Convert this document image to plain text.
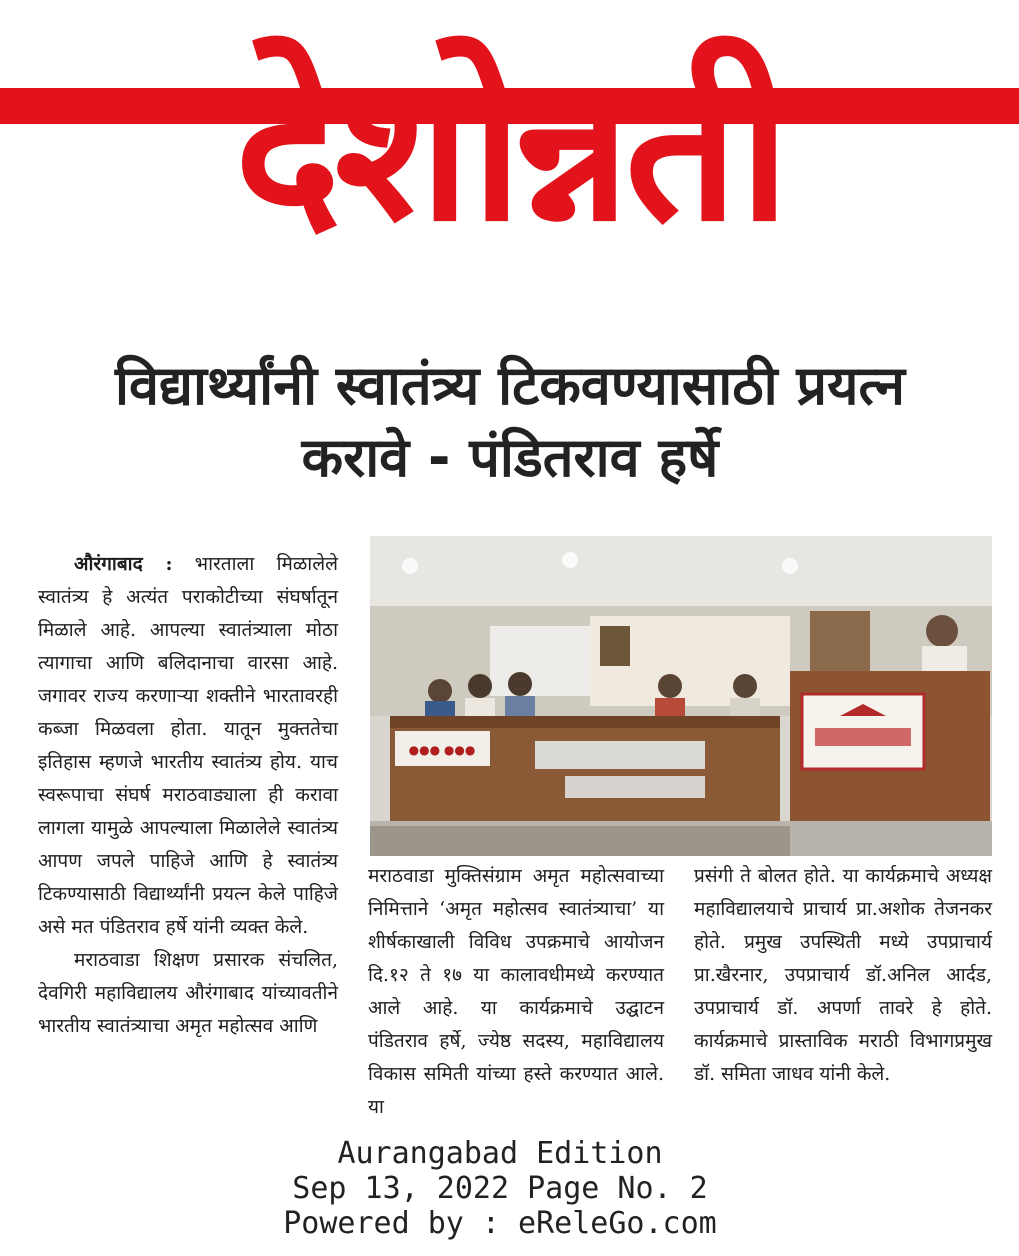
देशोन्नती
विद्यार्थ्यांनी स्वातंत्र्य टिकवण्यासाठी प्रयत्न
करावे - पंडितराव हर्षे

औरंगाबाद : भारताला मिळालेले स्वातंत्र्य हे अत्यंत पराकोटीच्या संघर्षातून मिळाले आहे. आपल्या स्वातंत्र्याला मोठा त्यागाचा आणि बलिदानाचा वारसा आहे. जगावर राज्य करणाऱ्या शक्तीने भारतावरही कब्जा मिळवला होता. यातून मुक्ततेचा इतिहास म्हणजे भारतीय स्वातंत्र्य होय. याच स्वरूपाचा संघर्ष मराठवाड्याला ही करावा लागला यामुळे आपल्याला मिळालेले स्वातंत्र्य आपण जपले पाहिजे आणि हे स्वातंत्र्य टिकण्यासाठी विद्यार्थ्यांनी प्रयत्न केले पाहिजे असे मत पंडितराव हर्षे यांनी व्यक्त केले.

मराठवाडा शिक्षण प्रसारक संचलित, देवगिरी महाविद्यालय औरंगाबाद यांच्यावतीने भारतीय स्वातंत्र्याचा अमृत महोत्सव आणि

●●● ●●●

मराठवाडा मुक्तिसंग्राम अमृत महोत्सवाच्या निमित्ताने ‘अमृत महोत्सव स्वातंत्र्याचा’ या शीर्षकाखाली विविध उपक्रमाचे आयोजन दि.१२ ते १७ या कालावधीमध्ये करण्यात आले आहे. या कार्यक्रमाचे उद्घाटन पंडितराव हर्षे, ज्येष्ठ सदस्य, महाविद्यालय विकास समिती यांच्या हस्ते करण्यात आले. या

प्रसंगी ते बोलत होते. या कार्यक्रमाचे अध्यक्ष महाविद्यालयाचे प्राचार्य प्रा.अशोक तेजनकर होते. प्रमुख उपस्थिती मध्ये उपप्राचार्य प्रा.खैरनार, उपप्राचार्य डॉ.अनिल आर्दड, उपप्राचार्य डॉ. अपर्णा तावरे हे होते. कार्यक्रमाचे प्रास्ताविक मराठी विभागप्रमुख डॉ. समिता जाधव यांनी केले.

Aurangabad Edition
Sep 13, 2022 Page No. 2
Powered by : eReleGo.com
